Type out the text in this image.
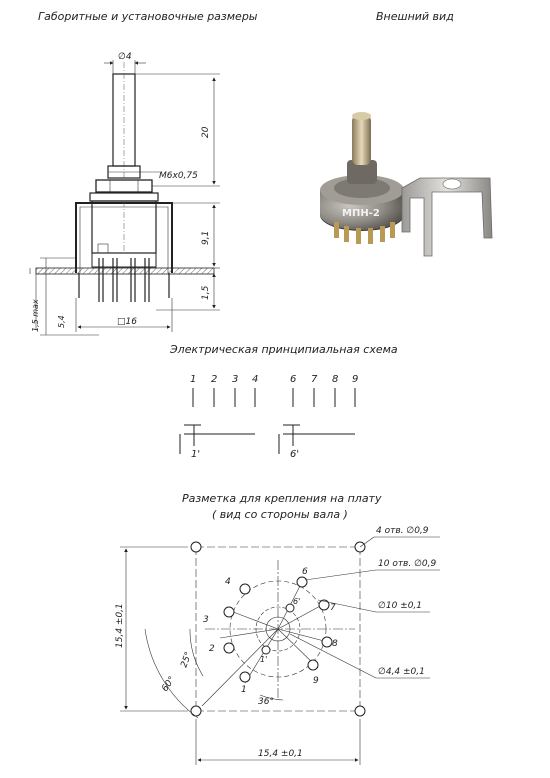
Габоритные и установочные размеры	Внешний вид
Электрическая принципиальная схема
Разметка для крепления на плату
( вид со стороны вала )
∅4
М6х0,75
20
9,1
1,5
1,5 max 5,4	□16
МПН-2
1 2 3 4	6 7 8 9
1'	6'
15,4 ±0,1
15,4 ±0,1
6
7
8
9
1
2
3
4
6'
1'
36°
60°
25°
4 отв. ∅0,9
10 отв. ∅0,9
∅10 ±0,1
∅4,4 ±0,1
